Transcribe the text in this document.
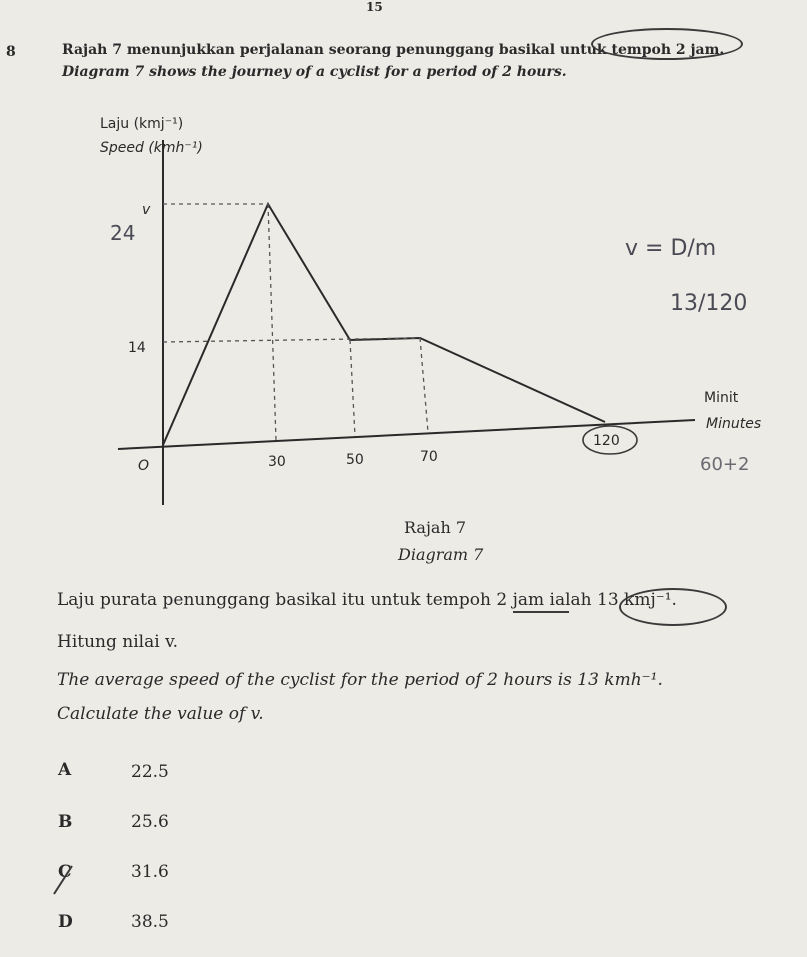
15
8	Rajah 7 menunjukkan perjalanan seorang penunggang basikal untuk tempoh 2 jam.
Diagram 7 shows the journey of a cyclist for a period of 2 hours.
Laju (kmj⁻¹)
Speed (kmh⁻¹)
Minit
Minutes
v
14
O	30	50	70
120
24
v = D/m
13/120
60+2
Rajah 7
Diagram 7
Laju purata penunggang basikal itu untuk tempoh 2 jam ialah 13 kmj⁻¹.
Hitung nilai v.
The average speed of the cyclist for the period of 2 hours is 13 kmh⁻¹.
Calculate the value of v.
A	22.5
B	25.6
C	31.6
D	38.5
